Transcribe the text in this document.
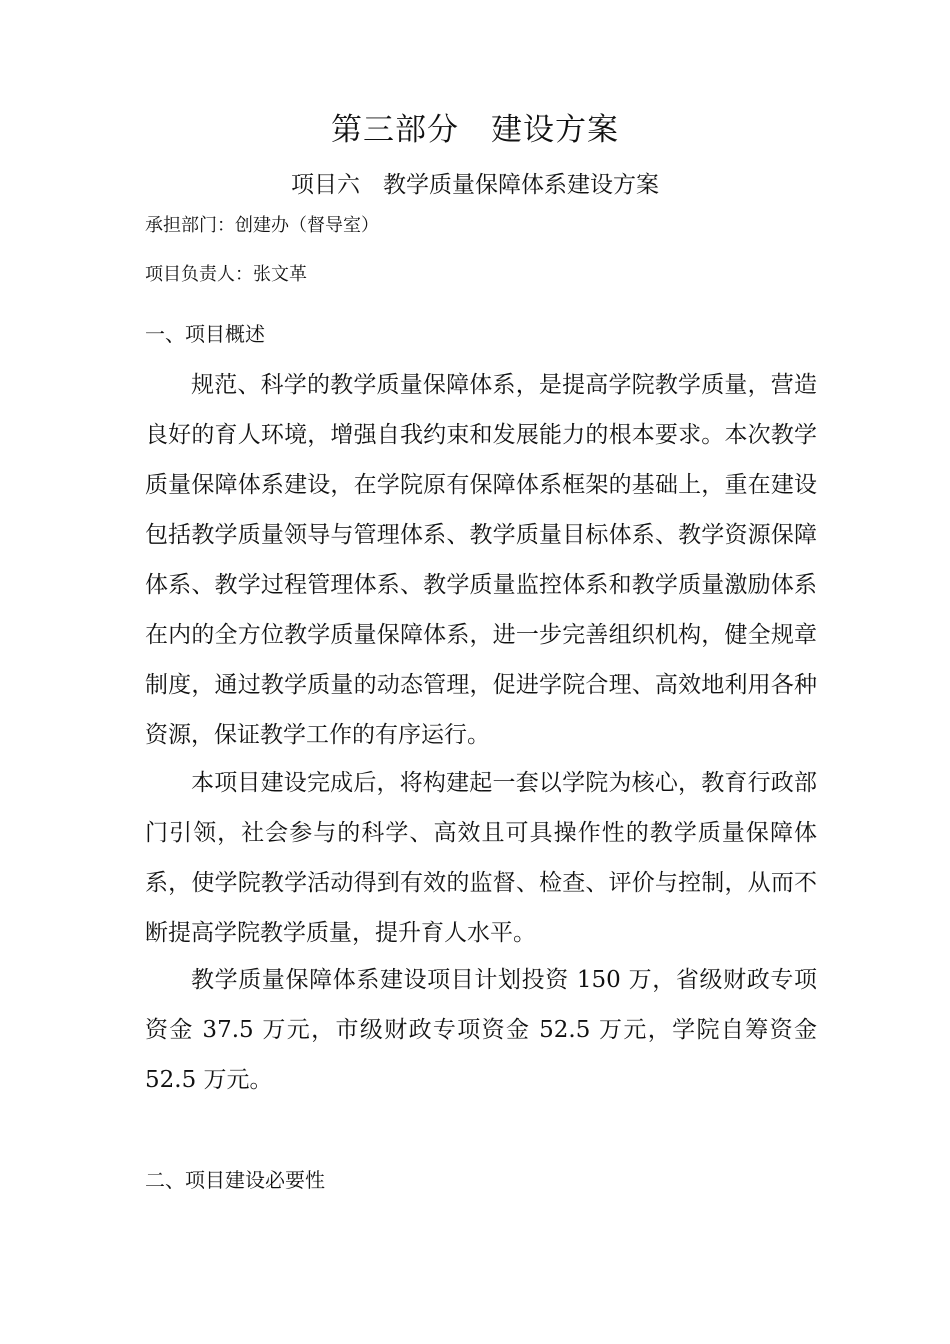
第三部分　建设方案
项目六　教学质量保障体系建设方案
承担部门：创建办（督导室）
项目负责人：张文革
一、项目概述

规范、科学的教学质量保障体系，是提高学院教学质量，营造良好的育人环境，增强自我约束和发展能力的根本要求。本次教学质量保障体系建设，在学院原有保障体系框架的基础上，重在建设包括教学质量领导与管理体系、教学质量目标体系、教学资源保障体系、教学过程管理体系、教学质量监控体系和教学质量激励体系在内的全方位教学质量保障体系，进一步完善组织机构，健全规章制度，通过教学质量的动态管理，促进学院合理、高效地利用各种资源，保证教学工作的有序运行。

本项目建设完成后，将构建起一套以学院为核心，教育行政部门引领，社会参与的科学、高效且可具操作性的教学质量保障体系，使学院教学活动得到有效的监督、检查、评价与控制，从而不断提高学院教学质量，提升育人水平。

教学质量保障体系建设项目计划投资 150 万，省级财政专项资金 37.5 万元，市级财政专项资金 52.5 万元，学院自筹资金 52.5 万元。

二、项目建设必要性
